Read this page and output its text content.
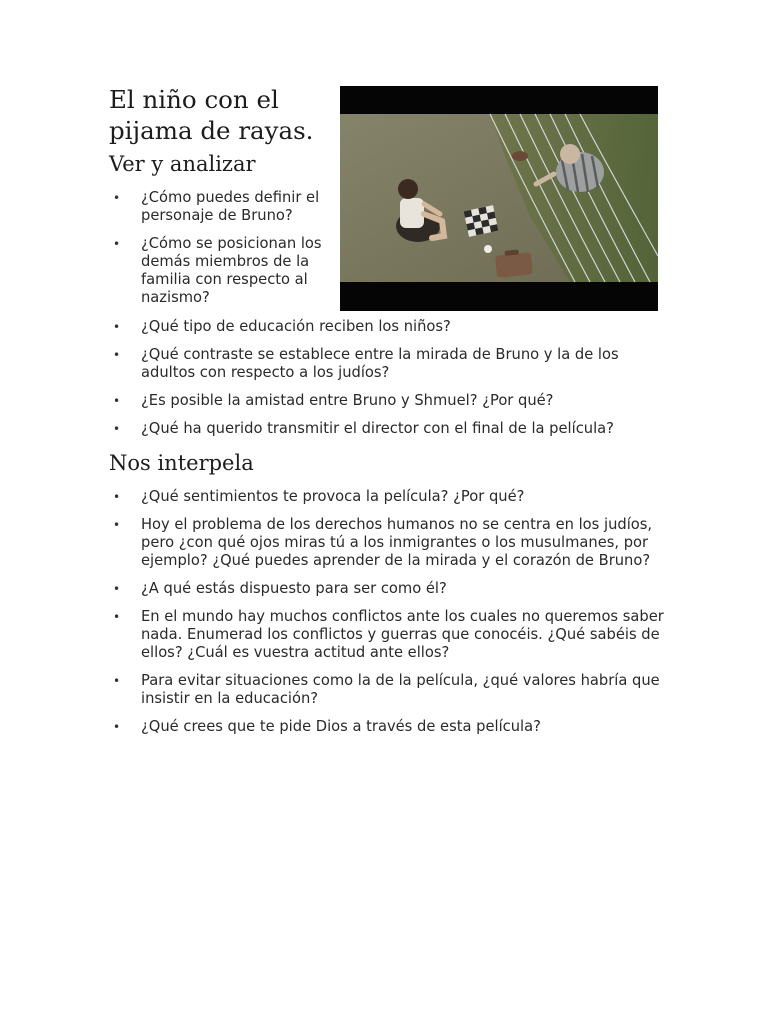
El niño con el pijama de rayas.
Ver y analizar
• ¿Cómo puedes definir el personaje de Bruno?
• ¿Cómo se posicionan los demás miembros de la familia con respecto al nazismo?
• ¿Qué tipo de educación reciben los niños?
• ¿Qué contraste se establece entre la mirada de Bruno y la de los adultos con respecto a los judíos?
• ¿Es posible la amistad entre Bruno y Shmuel? ¿Por qué?
• ¿Qué ha querido transmitir el director con el final de la película?
Nos interpela
• ¿Qué sentimientos te provoca la película? ¿Por qué?
• Hoy el problema de los derechos humanos no se centra en los judíos, pero ¿con qué ojos miras tú a los inmigrantes o los musulmanes, por ejemplo? ¿Qué puedes aprender de la mirada y el corazón de Bruno?
• ¿A qué estás dispuesto para ser como él?
• En el mundo hay muchos conflictos ante los cuales no queremos saber nada. Enumerad los conflictos y guerras que conocéis. ¿Qué sabéis de ellos? ¿Cuál es vuestra actitud ante ellos?
• Para evitar situaciones como la de la película, ¿qué valores habría que insistir en la educación?
• ¿Qué crees que te pide Dios a través de esta película?
